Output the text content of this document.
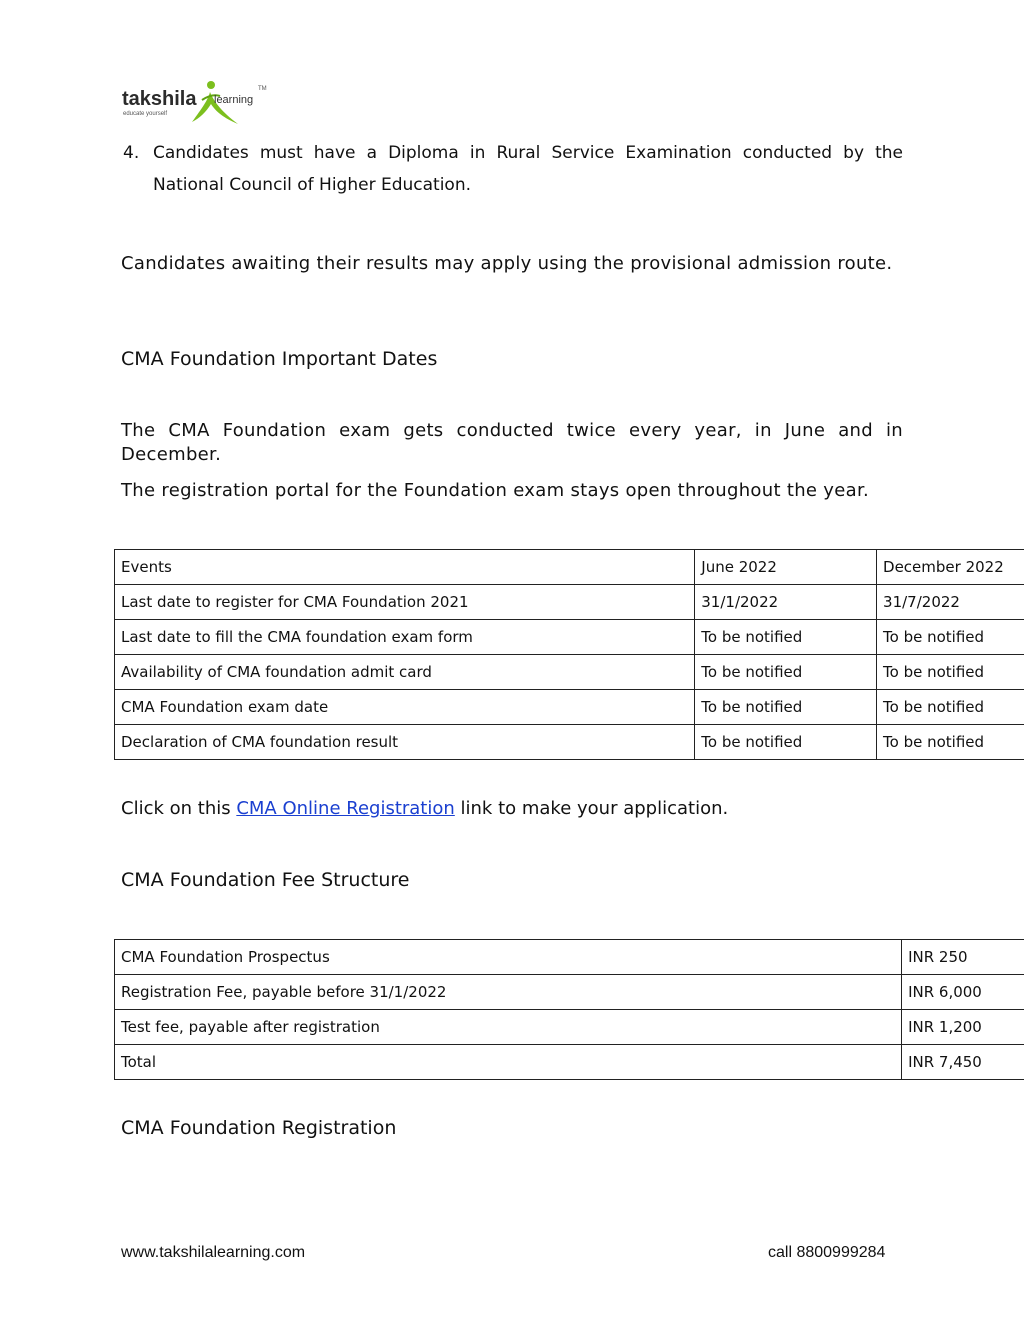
takshila learning
TM
educate yourself
4. Candidates must have a Diploma in Rural Service Examination conducted by the National Council of Higher Education.
Candidates awaiting their results may apply using the provisional admission route.
CMA Foundation Important Dates
The CMA Foundation exam gets conducted twice every year, in June and in December.
The registration portal for the Foundation exam stays open throughout the year.
Events	June 2022	December 2022
Last date to register for CMA Foundation 2021	31/1/2022	31/7/2022
Last date to fill the CMA foundation exam form	To be notified	To be notified
Availability of CMA foundation admit card	To be notified	To be notified
CMA Foundation exam date	To be notified	To be notified
Declaration of CMA foundation result	To be notified	To be notified
Click on this CMA Online Registration link to make your application.
CMA Foundation Fee Structure
CMA Foundation Prospectus	INR 250
Registration Fee, payable before 31/1/2022	INR 6,000
Test fee, payable after registration	INR 1,200
Total	INR 7,450
CMA Foundation Registration
www.takshilalearning.com	call 8800999284
